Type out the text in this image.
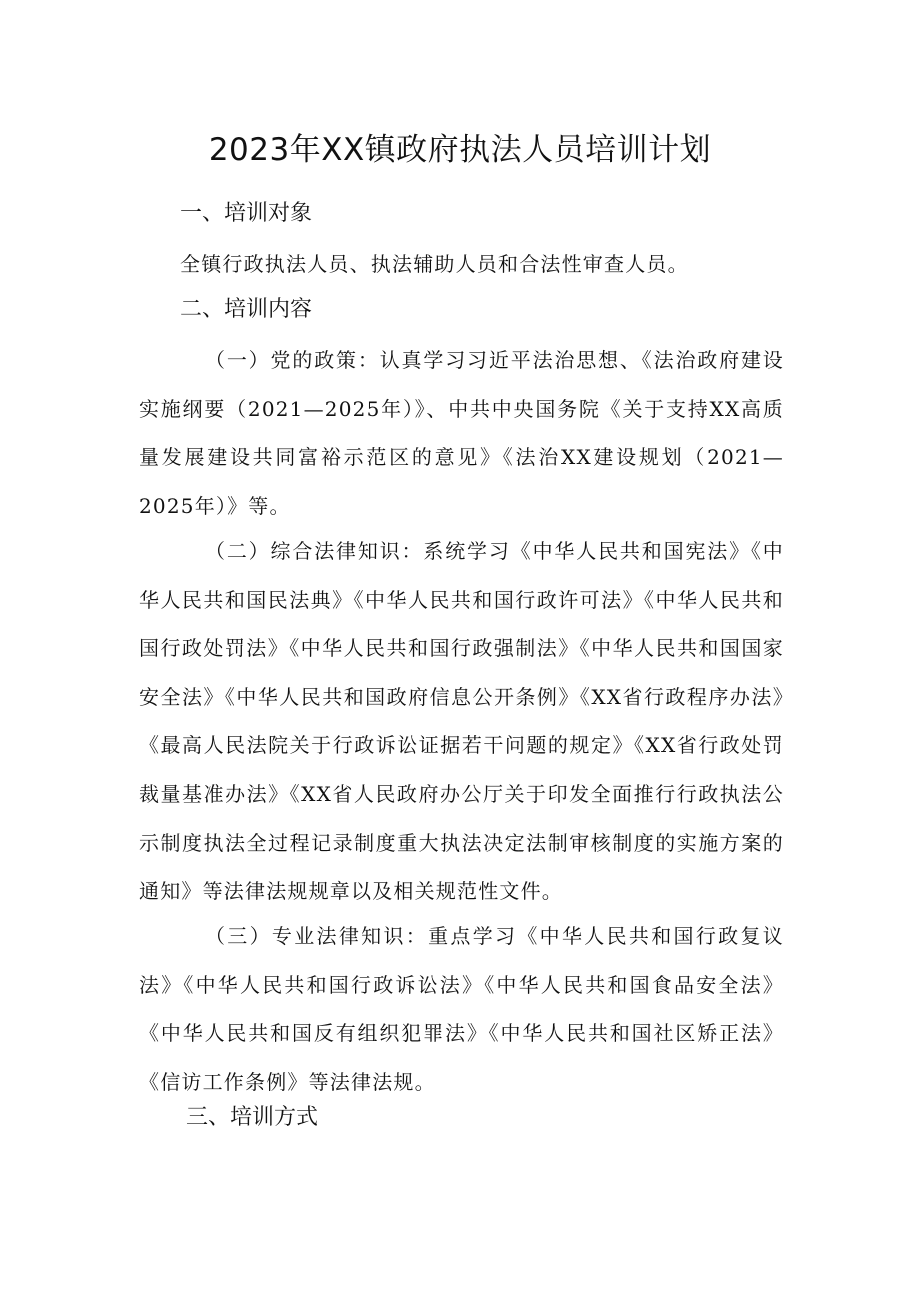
2023年XX镇政府执法人员培训计划
一、培训对象

全镇行政执法人员、执法辅助人员和合法性审查人员。

二、培训内容

（一）党的政策：认真学习习近平法治思想、《法治政府建设实施纲要（2021—2025年）》、中共中央国务院《关于支持XX高质量发展建设共同富裕示范区的意见》《法治XX建设规划（2021—2025年）》等。

（二）综合法律知识：系统学习《中华人民共和国宪法》《中华人民共和国民法典》《中华人民共和国行政许可法》《中华人民共和国行政处罚法》《中华人民共和国行政强制法》《中华人民共和国国家安全法》《中华人民共和国政府信息公开条例》《XX省行政程序办法》《最高人民法院关于行政诉讼证据若干问题的规定》《XX省行政处罚裁量基准办法》《XX省人民政府办公厅关于印发全面推行行政执法公示制度执法全过程记录制度重大执法决定法制审核制度的实施方案的通知》等法律法规规章以及相关规范性文件。

（三）专业法律知识：重点学习《中华人民共和国行政复议法》《中华人民共和国行政诉讼法》《中华人民共和国食品安全法》《中华人民共和国反有组织犯罪法》《中华人民共和国社区矫正法》《信访工作条例》等法律法规。

三、培训方式
